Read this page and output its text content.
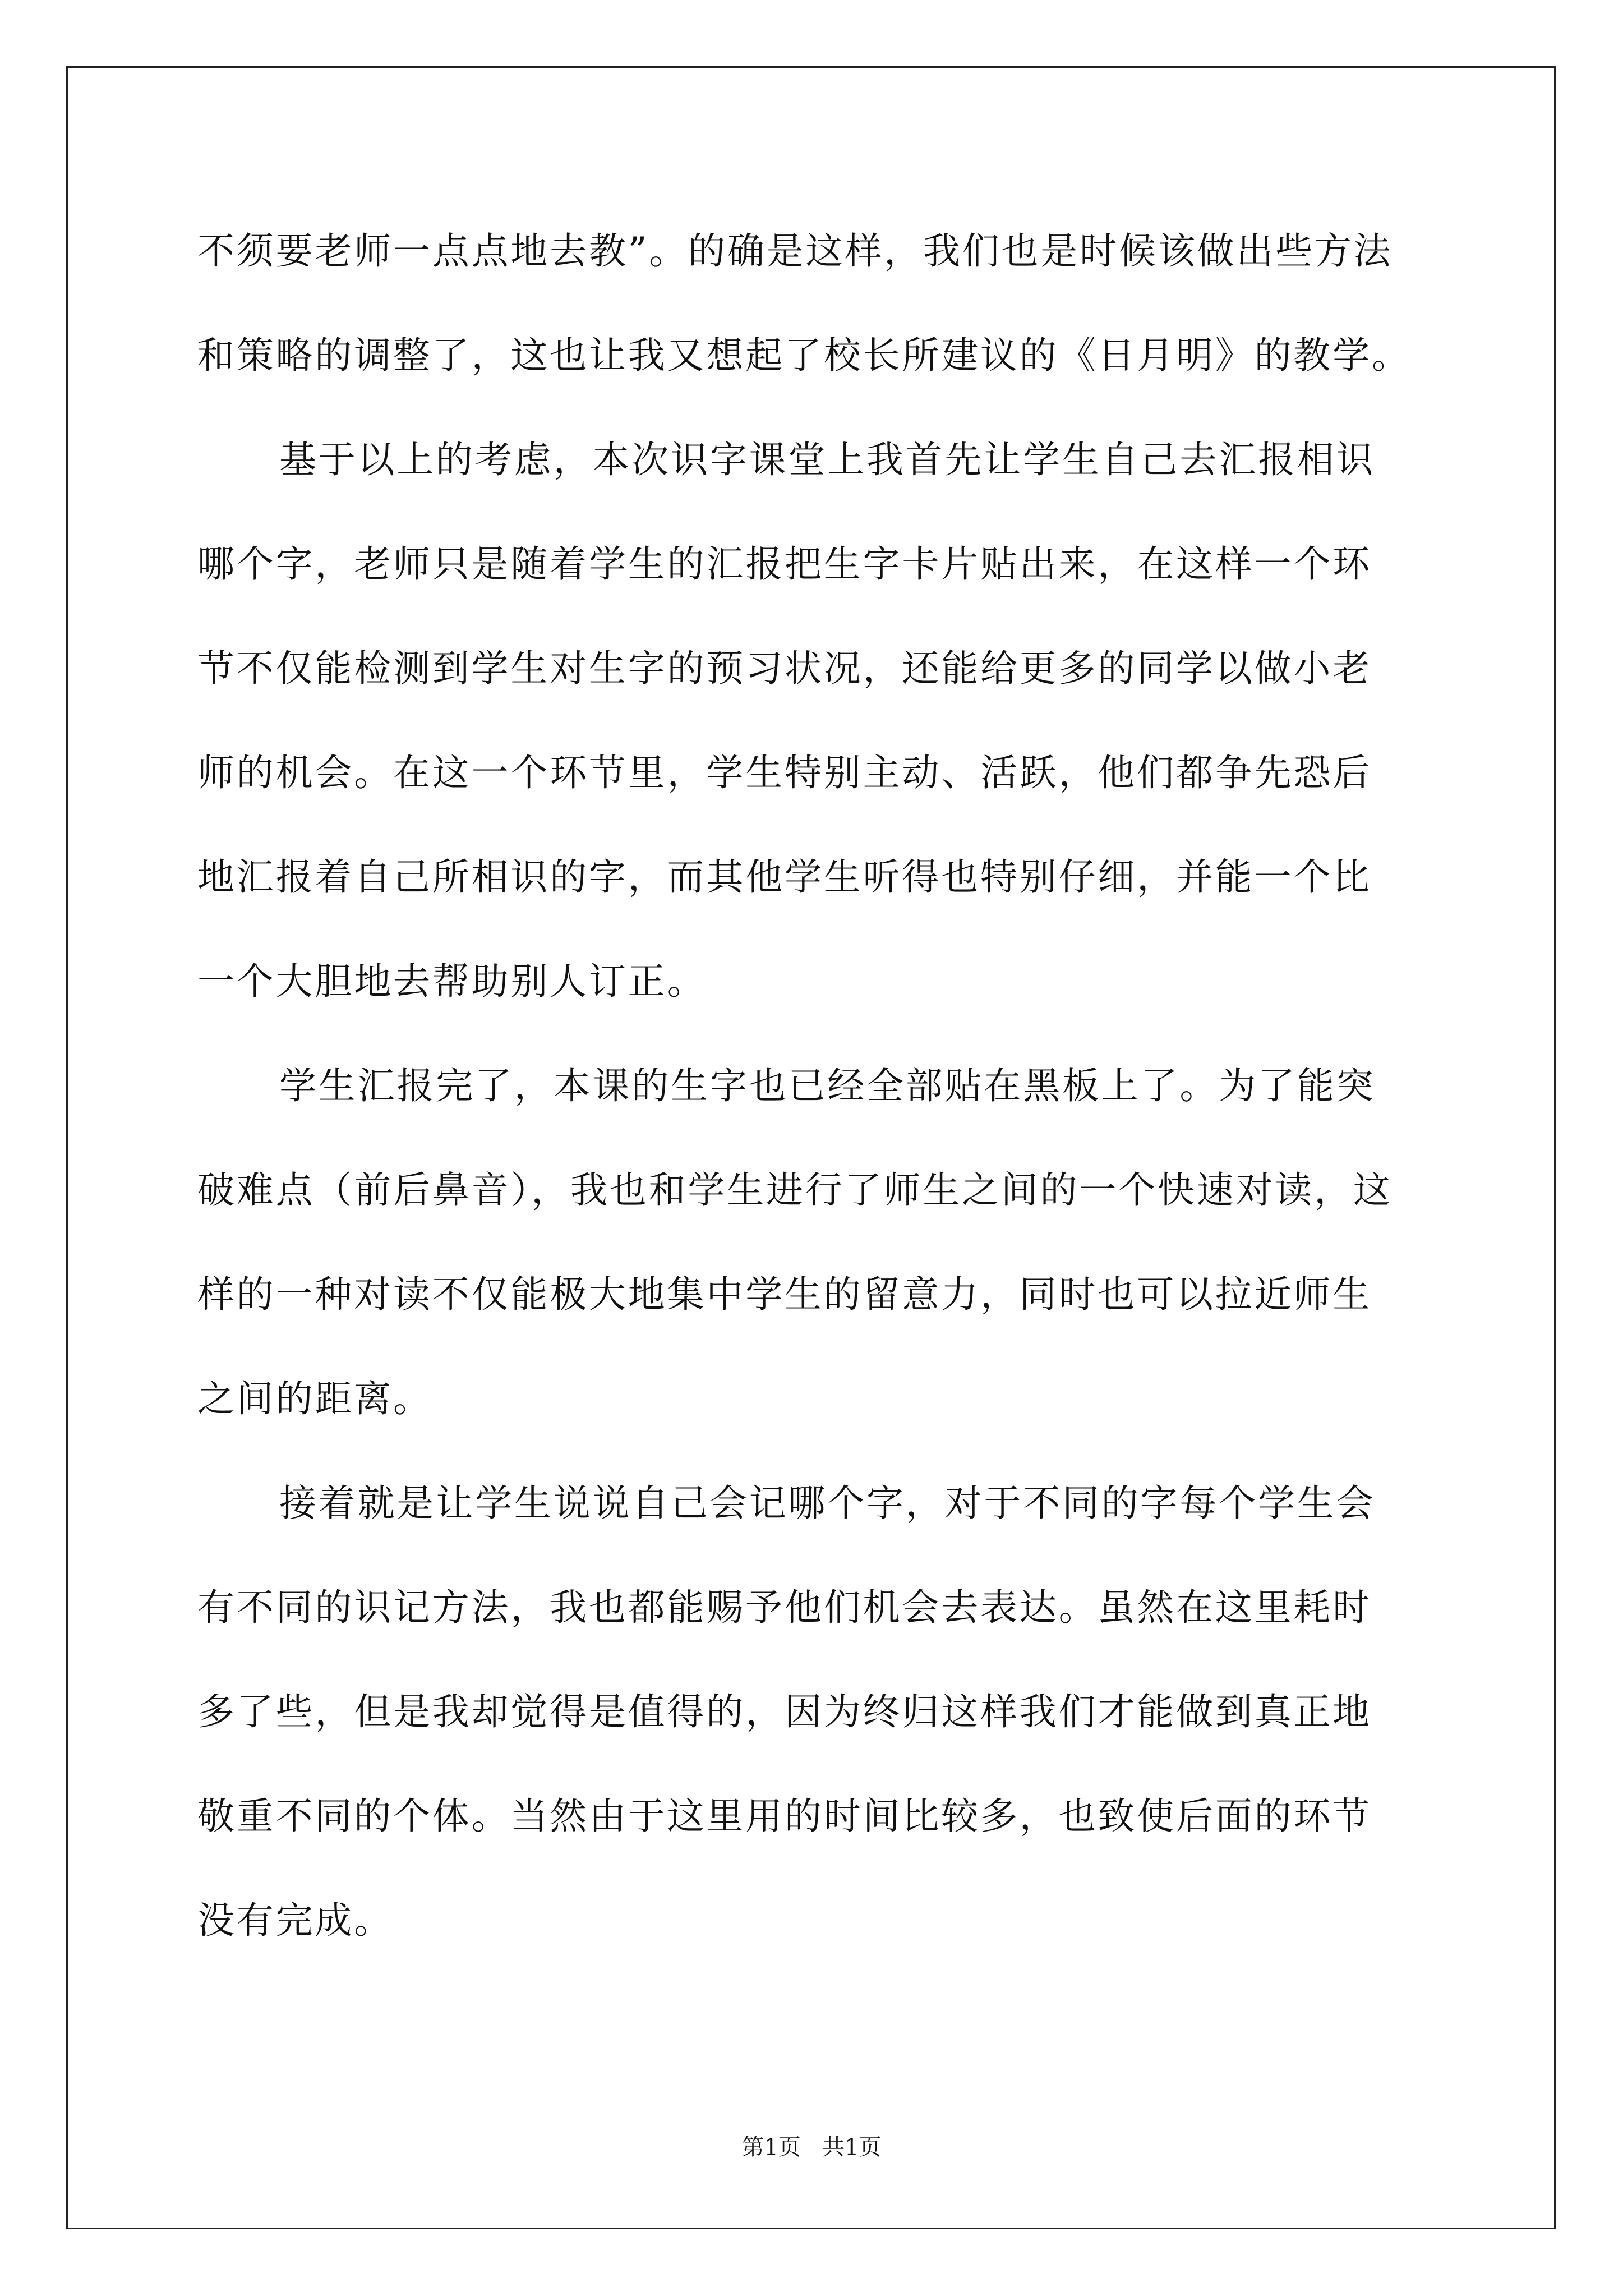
不须要老师一点点地去教”。的确是这样，我们也是时候该做出些方法
和策略的调整了，这也让我又想起了校长所建议的《日月明》的教学。
基于以上的考虑，本次识字课堂上我首先让学生自己去汇报相识
哪个字，老师只是随着学生的汇报把生字卡片贴出来，在这样一个环
节不仅能检测到学生对生字的预习状况，还能给更多的同学以做小老
师的机会。在这一个环节里，学生特别主动、活跃，他们都争先恐后
地汇报着自己所相识的字，而其他学生听得也特别仔细，并能一个比
一个大胆地去帮助别人订正。
学生汇报完了，本课的生字也已经全部贴在黑板上了。为了能突
破难点（前后鼻音），我也和学生进行了师生之间的一个快速对读，这
样的一种对读不仅能极大地集中学生的留意力，同时也可以拉近师生
之间的距离。
接着就是让学生说说自己会记哪个字，对于不同的字每个学生会
有不同的识记方法，我也都能赐予他们机会去表达。虽然在这里耗时
多了些，但是我却觉得是值得的，因为终归这样我们才能做到真正地
敬重不同的个体。当然由于这里用的时间比较多，也致使后面的环节
没有完成。
第1页   共1页
